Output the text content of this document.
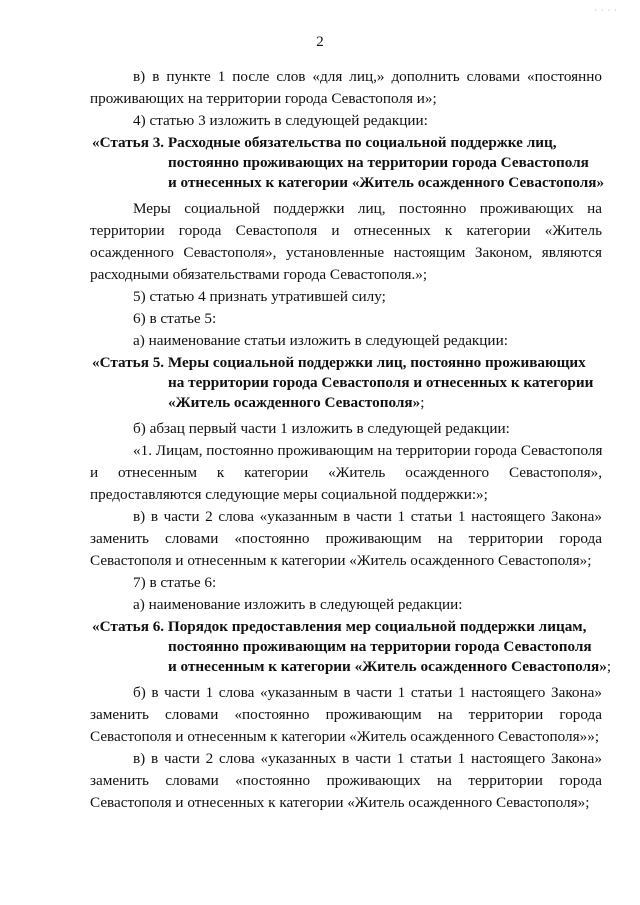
· · · ·
2
в) в пункте 1 после слов «для лиц,» дополнить словами «постоянно
проживающих на территории города Севастополя и»;
4) статью 3 изложить в следующей редакции:
«Статья 3. Расходные обязательства по социальной поддержке лиц,
постоянно проживающих на территории города Севастополя
и отнесенных к категории «Житель осажденного Севастополя»
Меры социальной поддержки лиц, постоянно проживающих на
территории города Севастополя и отнесенных к категории «Житель
осажденного Севастополя», установленные настоящим Законом, являются
расходными обязательствами города Севастополя.»;
5) статью 4 признать утратившей силу;
6) в статье 5:
а) наименование статьи изложить в следующей редакции:
«Статья 5. Меры социальной поддержки лиц, постоянно проживающих
на территории города Севастополя и отнесенных к категории
«Житель осажденного Севастополя»;
б) абзац первый части 1 изложить в следующей редакции:
«1. Лицам, постоянно проживающим на территории города Севастополя
и отнесенным к категории «Житель осажденного Севастополя»,
предоставляются следующие меры социальной поддержки:»;
в) в части 2 слова «указанным в части 1 статьи 1 настоящего Закона»
заменить словами «постоянно проживающим на территории города
Севастополя и отнесенным к категории «Житель осажденного Севастополя»;
7) в статье 6:
а) наименование изложить в следующей редакции:
«Статья 6. Порядок предоставления мер социальной поддержки лицам,
постоянно проживающим на территории города Севастополя
и отнесенным к категории «Житель осажденного Севастополя»;
б) в части 1 слова «указанным в части 1 статьи 1 настоящего Закона»
заменить словами «постоянно проживающим на территории города
Севастополя и отнесенным к категории «Житель осажденного Севастополя»»;
в) в части 2 слова «указанных в части 1 статьи 1 настоящего Закона»
заменить словами «постоянно проживающих на территории города
Севастополя и отнесенных к категории «Житель осажденного Севастополя»;
